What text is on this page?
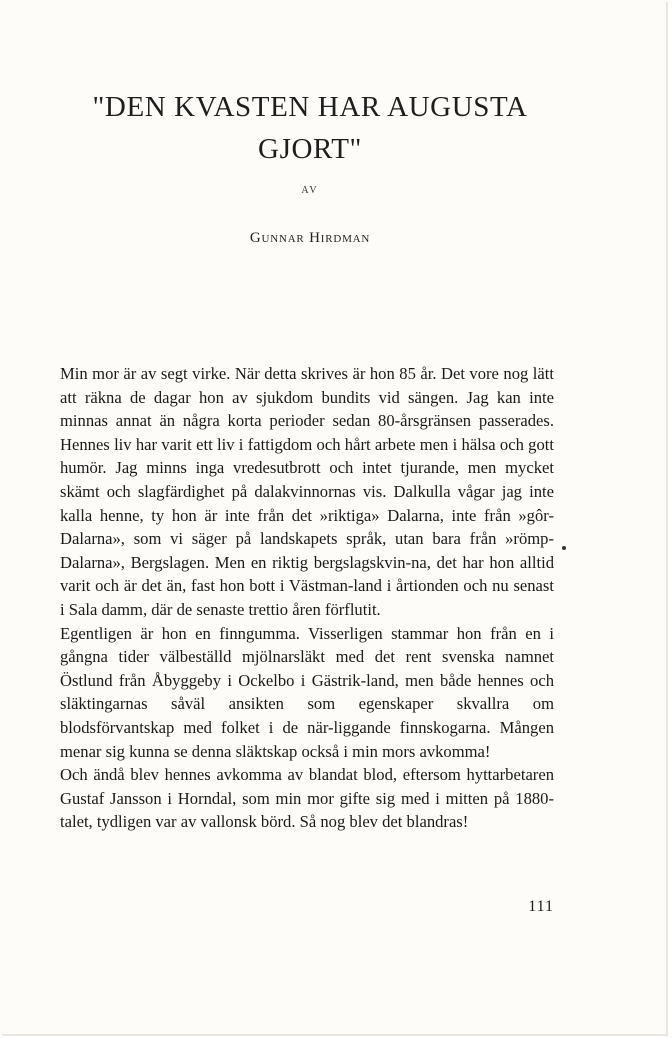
"DEN KVASTEN HAR AUGUSTA
GJORT"
AV
Gunnar Hirdman

Min mor är av segt virke. När detta skrives är hon 85 år. Det vore nog lätt att räkna de dagar hon av sjukdom bundits vid sängen. Jag kan inte minnas annat än några korta perioder sedan 80-årsgränsen passerades. Hennes liv har varit ett liv i fattigdom och hårt arbete men i hälsa och gott humör. Jag minns inga vredesutbrott och intet tjurande, men mycket skämt och slagfärdighet på dalakvinnornas vis. Dalkulla vågar jag inte kalla henne, ty hon är inte från det »riktiga» Dalarna, inte från »gôr-Dalarna», som vi säger på landskapets språk, utan bara från »römp-Dalarna», Bergslagen. Men en riktig bergslagskvin-na, det har hon alltid varit och är det än, fast hon bott i Västman-land i årtionden och nu senast i Sala damm, där de senaste trettio åren förflutit.

Egentligen är hon en finngumma. Visserligen stammar hon från en i gångna tider välbeställd mjölnarsläkt med det rent svenska namnet Östlund från Åbyggeby i Ockelbo i Gästrik-land, men både hennes och släktingarnas såväl ansikten som egenskaper skvallra om blodsförvantskap med folket i de när-liggande finnskogarna. Mången menar sig kunna se denna släktskap också i min mors avkomma!

Och ändå blev hennes avkomma av blandat blod, eftersom hyttarbetaren Gustaf Jansson i Horndal, som min mor gifte sig med i mitten på 1880-talet, tydligen var av vallonsk börd. Så nog blev det blandras!

111
